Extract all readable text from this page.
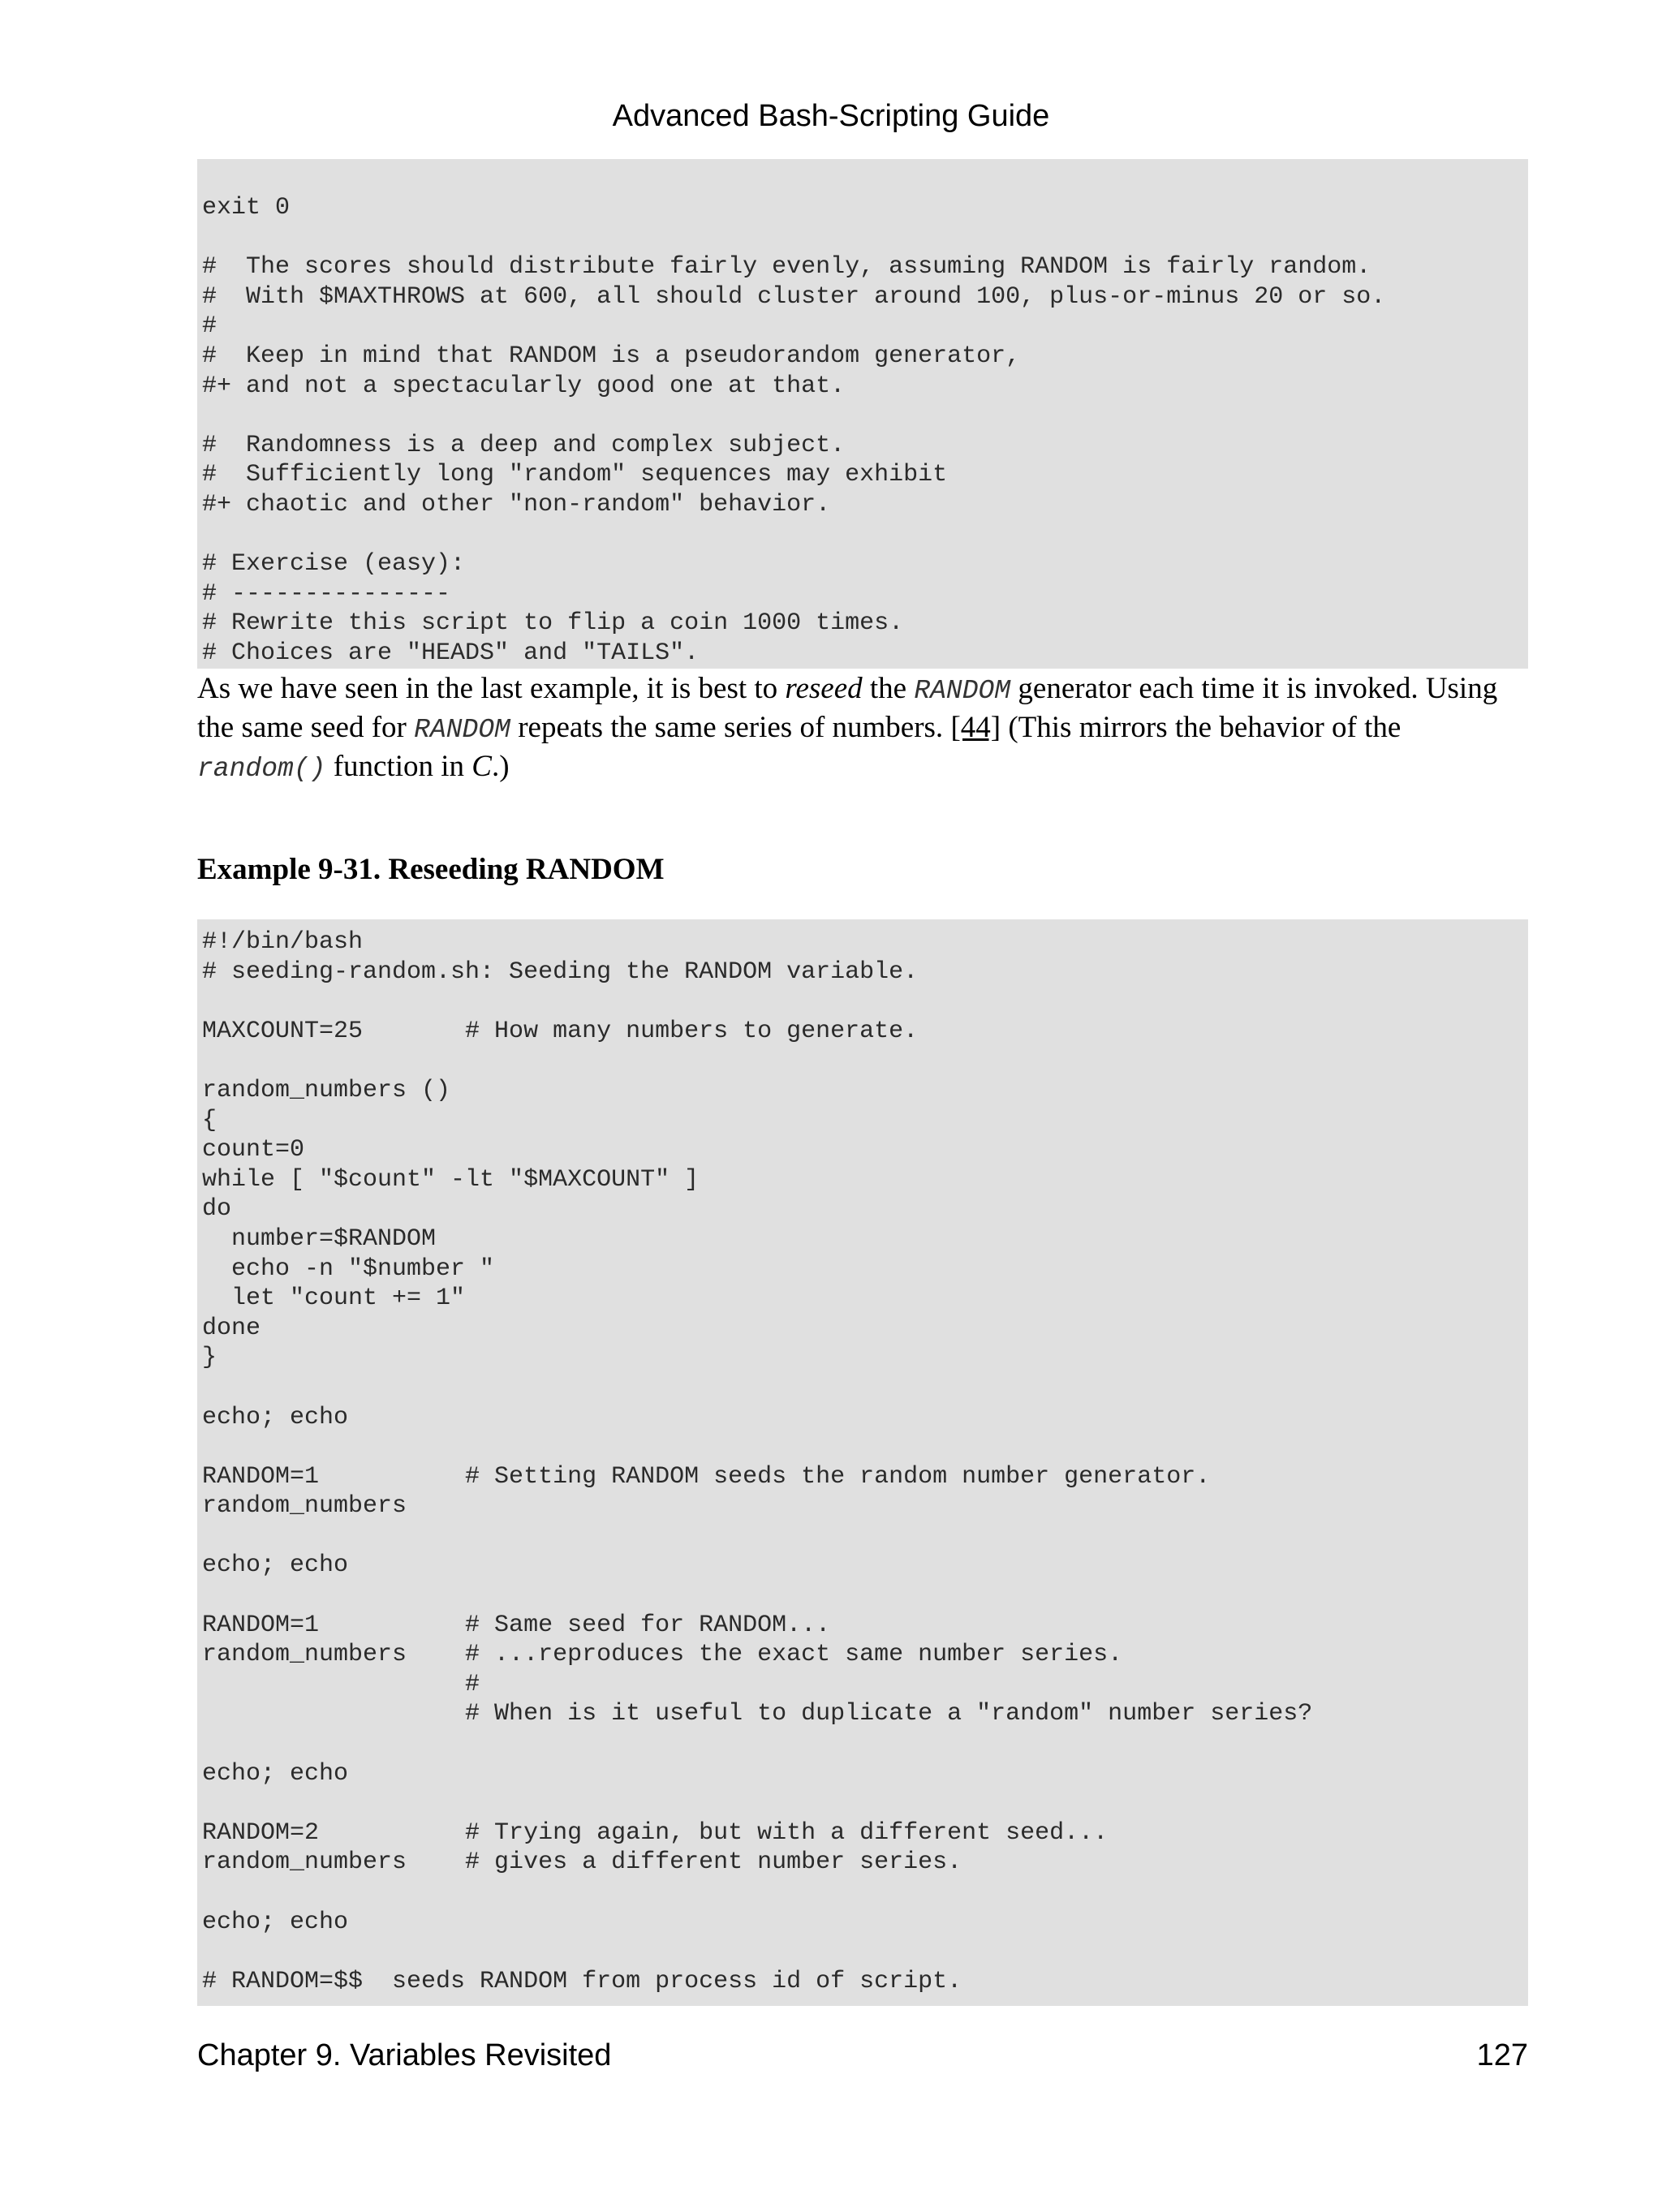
Advanced Bash-Scripting Guide
exit 0

#  The scores should distribute fairly evenly, assuming RANDOM is fairly random.
#  With $MAXTHROWS at 600, all should cluster around 100, plus-or-minus 20 or so.
#
#  Keep in mind that RANDOM is a pseudorandom generator,
#+ and not a spectacularly good one at that.

#  Randomness is a deep and complex subject.
#  Sufficiently long "random" sequences may exhibit
#+ chaotic and other "non-random" behavior.

# Exercise (easy):
# ---------------
# Rewrite this script to flip a coin 1000 times.
# Choices are "HEADS" and "TAILS".

As we have seen in the last example, it is best to reseed the RANDOM generator each time it is invoked. Using the same seed for RANDOM repeats the same series of numbers. [44] (This mirrors the behavior of the random() function in C.)

Example 9-31. Reseeding RANDOM
#!/bin/bash
# seeding-random.sh: Seeding the RANDOM variable.

MAXCOUNT=25       # How many numbers to generate.

random_numbers ()
{
count=0
while [ "$count" -lt "$MAXCOUNT" ]
do
number=$RANDOM
echo -n "$number "
let "count += 1"
done
}

echo; echo

RANDOM=1          # Setting RANDOM seeds the random number generator.
random_numbers

echo; echo

RANDOM=1          # Same seed for RANDOM...
random_numbers    # ...reproduces the exact same number series.
#
# When is it useful to duplicate a "random" number series?

echo; echo

RANDOM=2          # Trying again, but with a different seed...
random_numbers    # gives a different number series.

echo; echo

# RANDOM=$$  seeds RANDOM from process id of script.
Chapter 9. Variables Revisited	127
